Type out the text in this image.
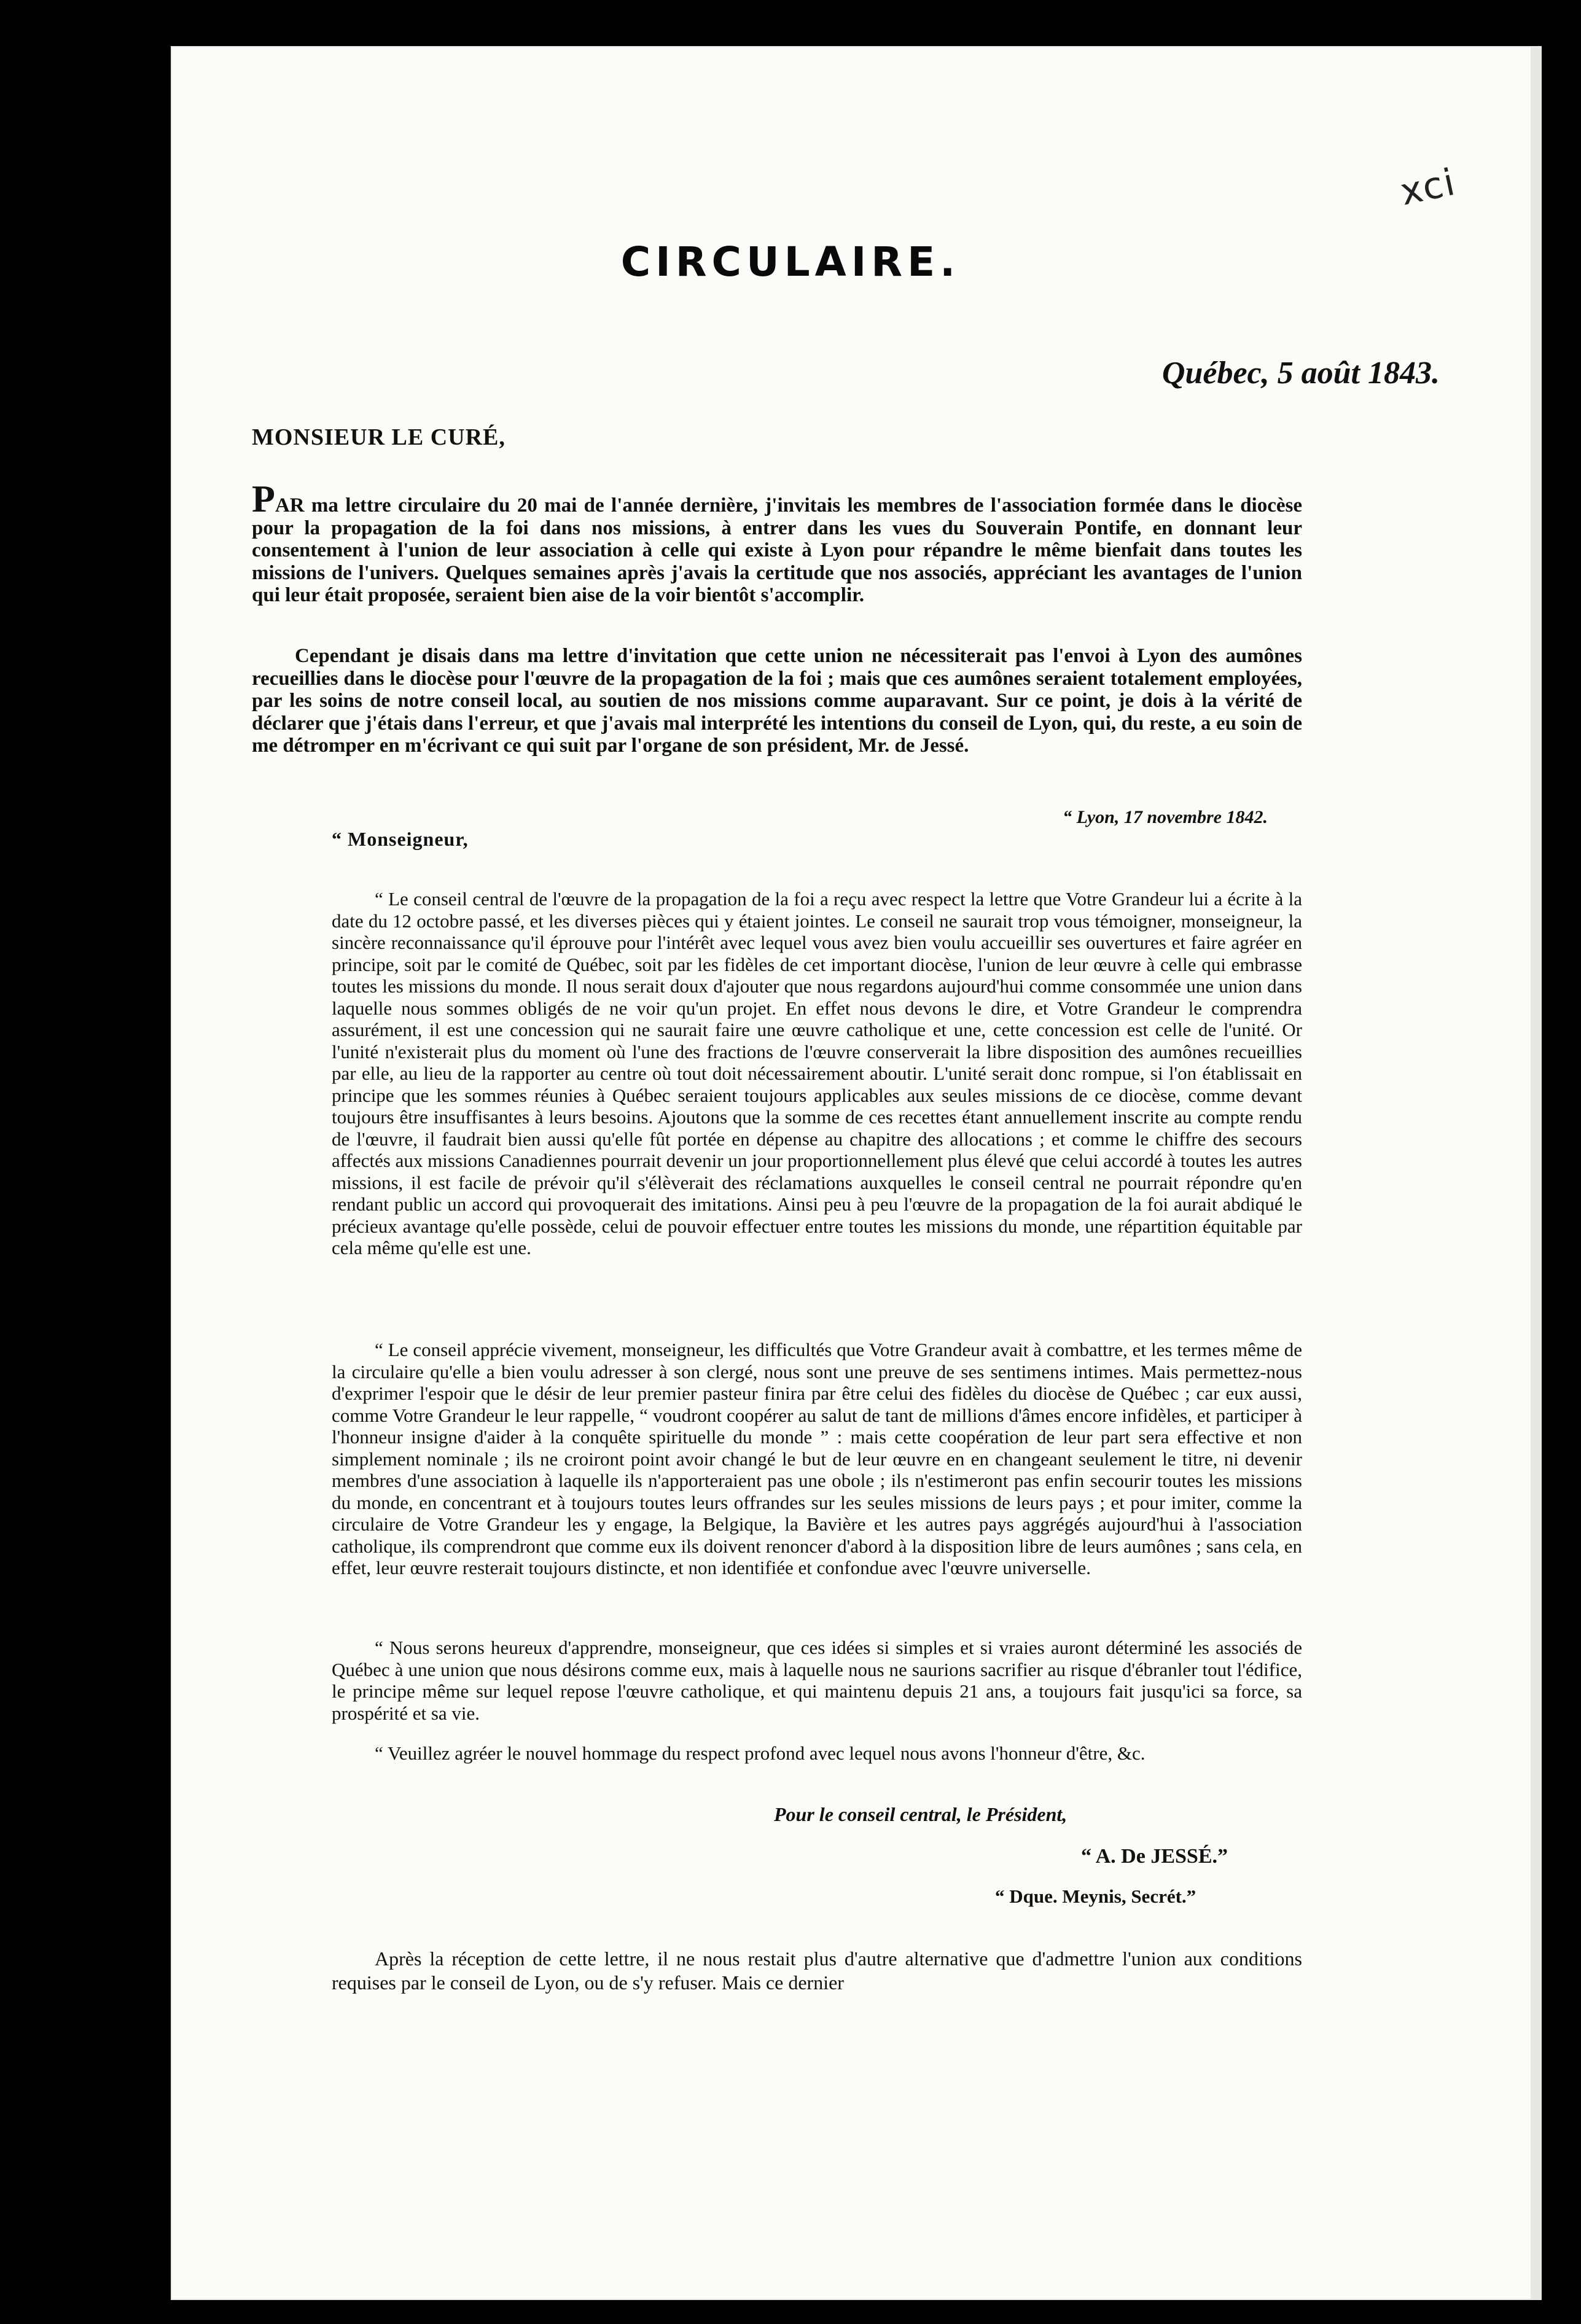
xci
CIRCULAIRE.
Québec, 5 août 1843.
MONSIEUR LE CURÉ,
PAR ma lettre circulaire du 20 mai de l'année dernière, j'invitais les membres de l'association formée dans le diocèse pour la propagation de la foi dans nos missions, à entrer dans les vues du Souverain Pontife, en donnant leur consentement à l'union de leur association à celle qui existe à Lyon pour répandre le même bienfait dans toutes les missions de l'univers. Quelques semaines après j'avais la certitude que nos associés, appréciant les avantages de l'union qui leur était proposée, seraient bien aise de la voir bientôt s'accomplir.
Cependant je disais dans ma lettre d'invitation que cette union ne nécessiterait pas l'envoi à Lyon des aumônes recueillies dans le diocèse pour l'œuvre de la propagation de la foi ; mais que ces aumônes seraient totalement employées, par les soins de notre conseil local, au soutien de nos missions comme auparavant. Sur ce point, je dois à la vérité de déclarer que j'étais dans l'erreur, et que j'avais mal interprété les intentions du conseil de Lyon, qui, du reste, a eu soin de me détromper en m'écrivant ce qui suit par l'organe de son président, Mr. de Jessé.
“ Lyon, 17 novembre 1842.
“ Monseigneur,
“ Le conseil central de l'œuvre de la propagation de la foi a reçu avec respect la lettre que Votre Grandeur lui a écrite à la date du 12 octobre passé, et les diverses pièces qui y étaient jointes. Le conseil ne saurait trop vous témoigner, monseigneur, la sincère reconnaissance qu'il éprouve pour l'intérêt avec lequel vous avez bien voulu accueillir ses ouvertures et faire agréer en principe, soit par le comité de Québec, soit par les fidèles de cet important diocèse, l'union de leur œuvre à celle qui embrasse toutes les missions du monde. Il nous serait doux d'ajouter que nous regardons aujourd'hui comme consommée une union dans laquelle nous sommes obligés de ne voir qu'un projet. En effet nous devons le dire, et Votre Grandeur le comprendra assurément, il est une concession qui ne saurait faire une œuvre catholique et une, cette concession est celle de l'unité. Or l'unité n'existerait plus du moment où l'une des fractions de l'œuvre conserverait la libre disposition des aumônes recueillies par elle, au lieu de la rapporter au centre où tout doit nécessairement aboutir. L'unité serait donc rompue, si l'on établissait en principe que les sommes réunies à Québec seraient toujours applicables aux seules missions de ce diocèse, comme devant toujours être insuffisantes à leurs besoins. Ajoutons que la somme de ces recettes étant annuellement inscrite au compte rendu de l'œuvre, il faudrait bien aussi qu'elle fût portée en dépense au chapitre des allocations ; et comme le chiffre des secours affectés aux missions Canadiennes pourrait devenir un jour proportionnellement plus élevé que celui accordé à toutes les autres missions, il est facile de prévoir qu'il s'élèverait des réclamations auxquelles le conseil central ne pourrait répondre qu'en rendant public un accord qui provoquerait des imitations. Ainsi peu à peu l'œuvre de la propagation de la foi aurait abdiqué le précieux avantage qu'elle possède, celui de pouvoir effectuer entre toutes les missions du monde, une répartition équitable par cela même qu'elle est une.
“ Le conseil apprécie vivement, monseigneur, les difficultés que Votre Grandeur avait à combattre, et les termes même de la circulaire qu'elle a bien voulu adresser à son clergé, nous sont une preuve de ses sentimens intimes. Mais permettez-nous d'exprimer l'espoir que le désir de leur premier pasteur finira par être celui des fidèles du diocèse de Québec ; car eux aussi, comme Votre Grandeur le leur rappelle, “ voudront coopérer au salut de tant de millions d'âmes encore infidèles, et participer à l'honneur insigne d'aider à la conquête spirituelle du monde ” : mais cette coopération de leur part sera effective et non simplement nominale ; ils ne croiront point avoir changé le but de leur œuvre en en changeant seulement le titre, ni devenir membres d'une association à laquelle ils n'apporteraient pas une obole ; ils n'estimeront pas enfin secourir toutes les missions du monde, en concentrant et à toujours toutes leurs offrandes sur les seules missions de leurs pays ; et pour imiter, comme la circulaire de Votre Grandeur les y engage, la Belgique, la Bavière et les autres pays aggrégés aujourd'hui à l'association catholique, ils comprendront que comme eux ils doivent renoncer d'abord à la disposition libre de leurs aumônes ; sans cela, en effet, leur œuvre resterait toujours distincte, et non identifiée et confondue avec l'œuvre universelle.
“ Nous serons heureux d'apprendre, monseigneur, que ces idées si simples et si vraies auront déterminé les associés de Québec à une union que nous désirons comme eux, mais à laquelle nous ne saurions sacrifier au risque d'ébranler tout l'édifice, le principe même sur lequel repose l'œuvre catholique, et qui maintenu depuis 21 ans, a toujours fait jusqu'ici sa force, sa prospérité et sa vie.
“ Veuillez agréer le nouvel hommage du respect profond avec lequel nous avons l'honneur d'être, &c.
Pour le conseil central, le Président,
“ A. De JESSÉ.”
“ Dque. Meynis, Secrét.”
Après la réception de cette lettre, il ne nous restait plus d'autre alternative que d'admettre l'union aux conditions requises par le conseil de Lyon, ou de s'y refuser. Mais ce dernier
